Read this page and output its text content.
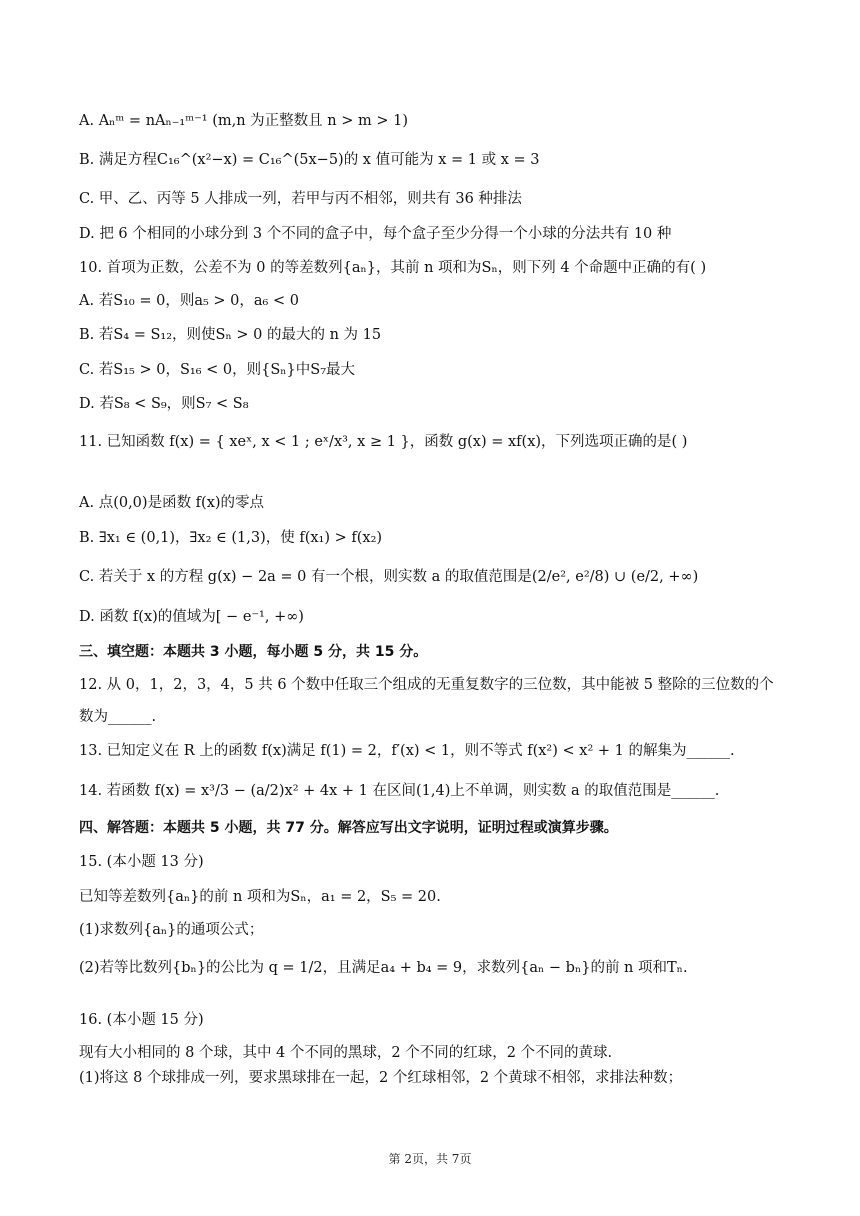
A. Aₙᵐ = nAₙ₋₁ᵐ⁻¹ (m,n 为正整数且 n > m > 1)
B. 满足方程C₁₆^(x²−x) = C₁₆^(5x−5)的 x 值可能为 x = 1 或 x = 3
C. 甲、乙、丙等 5 人排成一列，若甲与丙不相邻，则共有 36 种排法
D. 把 6 个相同的小球分到 3 个不同的盒子中，每个盒子至少分得一个小球的分法共有 10 种
10. 首项为正数，公差不为 0 的等差数列{aₙ}，其前 n 项和为Sₙ，则下列 4 个命题中正确的有( )
A. 若S₁₀ = 0，则a₅ > 0，a₆ < 0
B. 若S₄ = S₁₂，则使Sₙ > 0 的最大的 n 为 15
C. 若S₁₅ > 0，S₁₆ < 0，则{Sₙ}中S₇最大
D. 若S₈ < S₉，则S₇ < S₈
11. 已知函数 f(x) = { xeˣ, x < 1 ; eˣ/x³, x ≥ 1 }，函数 g(x) = xf(x)，下列选项正确的是( )
A. 点(0,0)是函数 f(x)的零点
B. ∃x₁ ∈ (0,1)，∃x₂ ∈ (1,3)，使 f(x₁) > f(x₂)
C. 若关于 x 的方程 g(x) − 2a = 0 有一个根，则实数 a 的取值范围是(2/e², e²/8) ∪ (e/2, +∞)
D. 函数 f(x)的值域为[ − e⁻¹, +∞)
三、填空题：本题共 3 小题，每小题 5 分，共 15 分。
12. 从 0，1，2，3，4，5 共 6 个数中任取三个组成的无重复数字的三位数，其中能被 5 整除的三位数的个
数为______.
13. 已知定义在 R 上的函数 f(x)满足 f(1) = 2，f′(x) < 1，则不等式 f(x²) < x² + 1 的解集为______.
14. 若函数 f(x) = x³/3 − (a/2)x² + 4x + 1 在区间(1,4)上不单调，则实数 a 的取值范围是______.
四、解答题：本题共 5 小题，共 77 分。解答应写出文字说明，证明过程或演算步骤。
15. (本小题 13 分)
已知等差数列{aₙ}的前 n 项和为Sₙ，a₁ = 2，S₅ = 20.
(1)求数列{aₙ}的通项公式；
(2)若等比数列{bₙ}的公比为 q = 1/2，且满足a₄ + b₄ = 9，求数列{aₙ − bₙ}的前 n 项和Tₙ.
16. (本小题 15 分)
现有大小相同的 8 个球，其中 4 个不同的黑球，2 个不同的红球，2 个不同的黄球.
(1)将这 8 个球排成一列，要求黑球排在一起，2 个红球相邻，2 个黄球不相邻，求排法种数；
第 2页，共 7页
